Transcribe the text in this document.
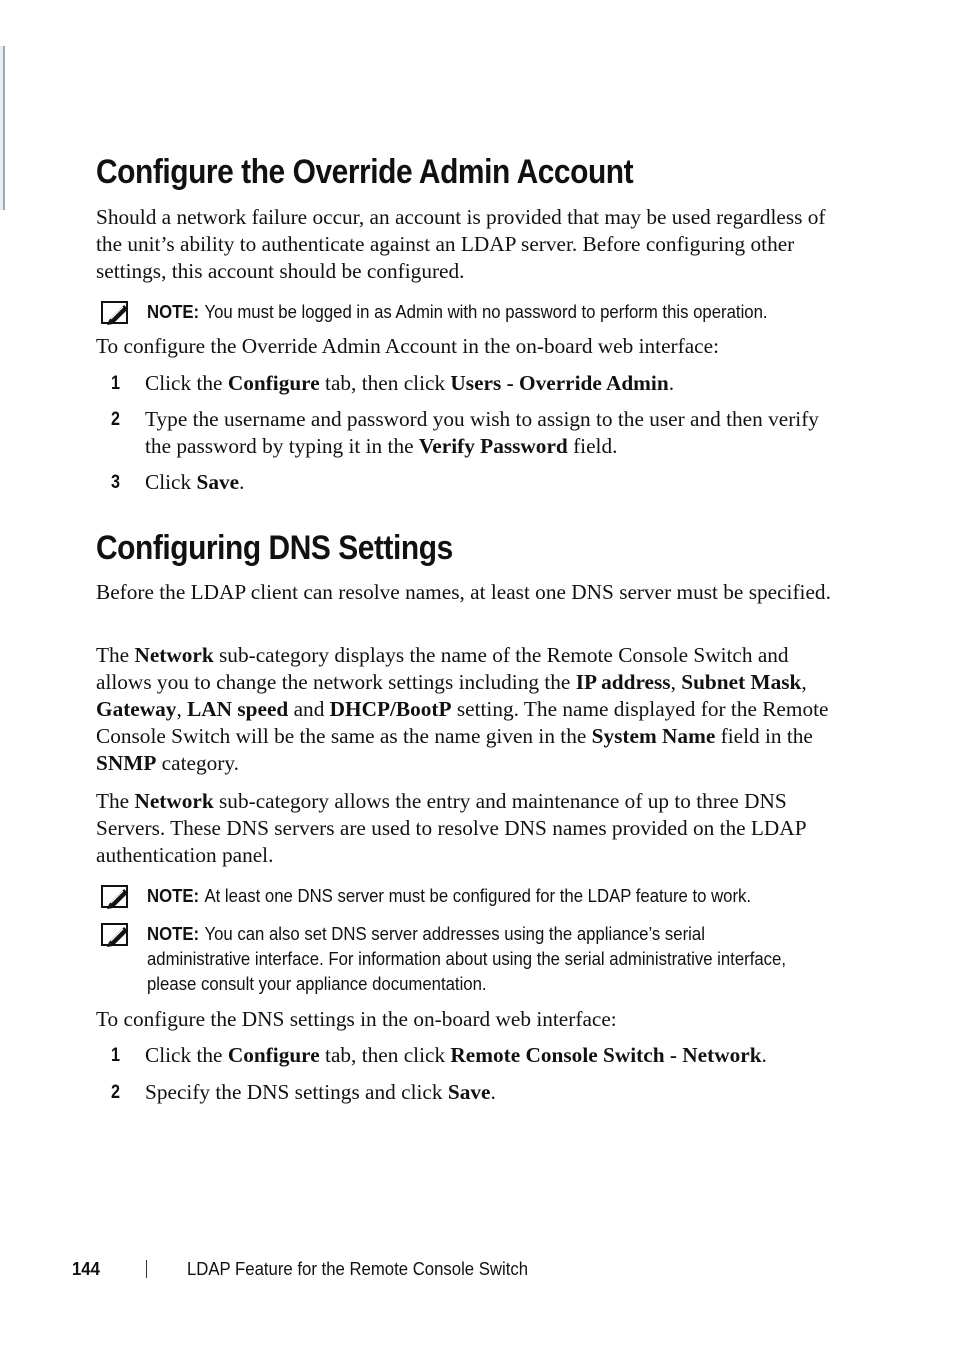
Configure the Override Admin Account

Should a network failure occur, an account is provided that may be used regardless of the unit’s ability to authenticate against an LDAP server. Before configuring other settings, this account should be configured.

NOTE: You must be logged in as Admin with no password to perform this operation.

To configure the Override Admin Account in the on-board web interface:

1 Click the Configure tab, then click Users - Override Admin.
2 Type the username and password you wish to assign to the user and then verify the password by typing it in the Verify Password field.
3 Click Save.
Configuring DNS Settings

Before the LDAP client can resolve names, at least one DNS server must be specified.

The Network sub-category displays the name of the Remote Console Switch and allows you to change the network settings including the IP address, Subnet Mask, Gateway, LAN speed and DHCP/BootP setting. The name displayed for the Remote Console Switch will be the same as the name given in the System Name field in the SNMP category.

The Network sub-category allows the entry and maintenance of up to three DNS Servers. These DNS servers are used to resolve DNS names provided on the LDAP authentication panel.

NOTE: At least one DNS server must be configured for the LDAP feature to work.
NOTE: You can also set DNS server addresses using the appliance’s serial administrative interface. For information about using the serial administrative interface, please consult your appliance documentation.

To configure the DNS settings in the on-board web interface:

1 Click the Configure tab, then click Remote Console Switch - Network.
2 Specify the DNS settings and click Save.
144	LDAP Feature for the Remote Console Switch
